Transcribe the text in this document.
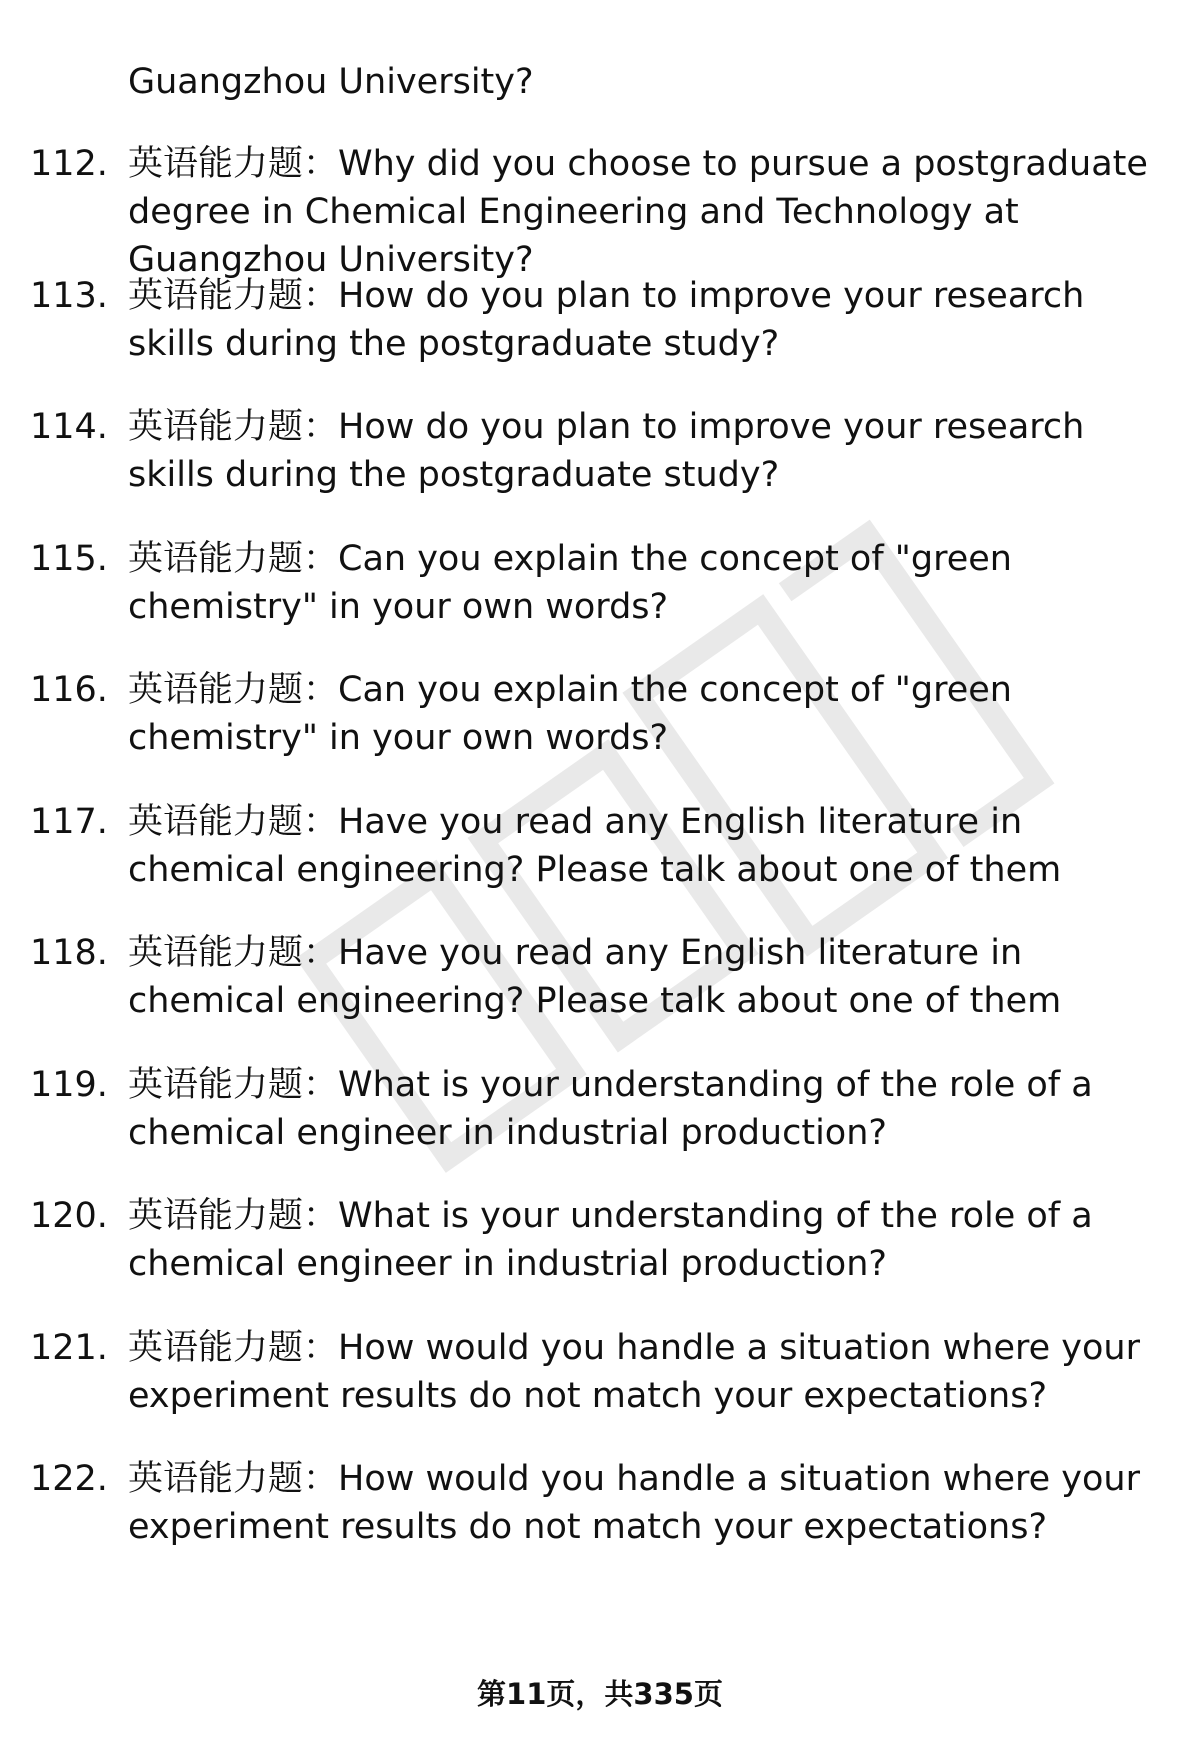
Guangzhou University?
112. 英语能力题：Why did you choose to pursue a postgraduate
degree in Chemical Engineering and Technology at
Guangzhou University?
113. 英语能力题：How do you plan to improve your research
skills during the postgraduate study?
114. 英语能力题：How do you plan to improve your research
skills during the postgraduate study?
115. 英语能力题：Can you explain the concept of "green
chemistry" in your own words?
116. 英语能力题：Can you explain the concept of "green
chemistry" in your own words?
117. 英语能力题：Have you read any English literature in
chemical engineering? Please talk about one of them
118. 英语能力题：Have you read any English literature in
chemical engineering? Please talk about one of them
119. 英语能力题：What is your understanding of the role of a
chemical engineer in industrial production?
120. 英语能力题：What is your understanding of the role of a
chemical engineer in industrial production?
121. 英语能力题：How would you handle a situation where your
experiment results do not match your expectations?
122. 英语能力题：How would you handle a situation where your
experiment results do not match your expectations?
第11页，共335页
